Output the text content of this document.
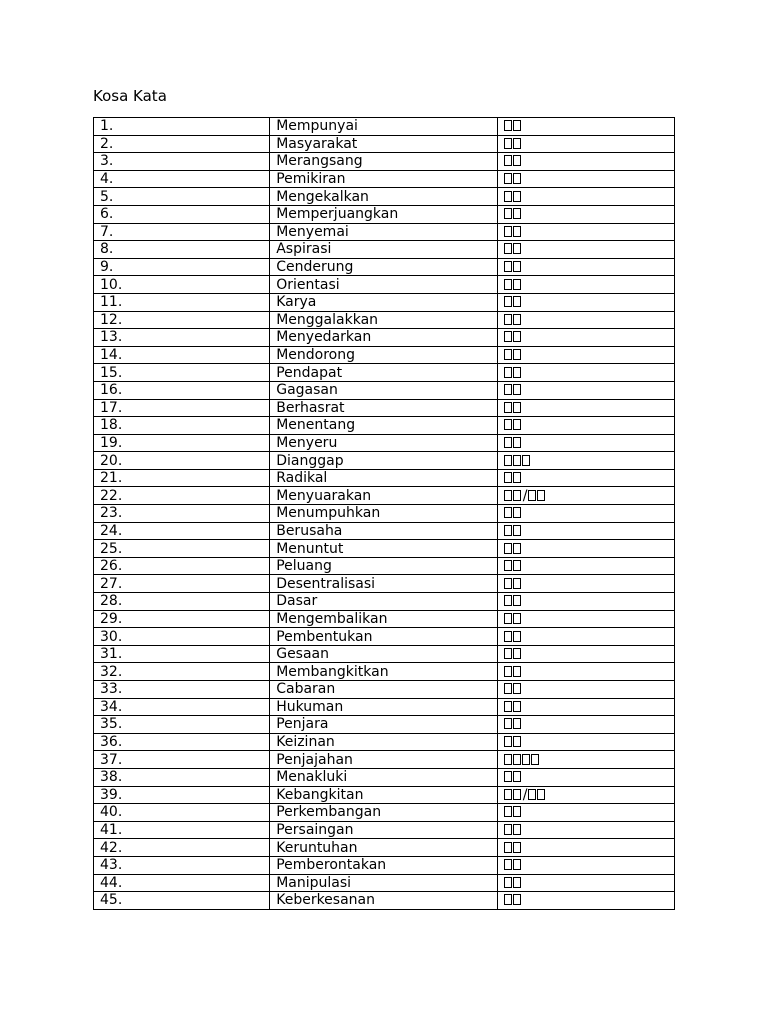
Kosa Kata
1.	Mempunyai	
2.	Masyarakat	
3.	Merangsang	
4.	Pemikiran	
5.	Mengekalkan	
6.	Memperjuangkan	
7.	Menyemai	
8.	Aspirasi	
9.	Cenderung	
10.	Orientasi	
11.	Karya	
12.	Menggalakkan	
13.	Menyedarkan	
14.	Mendorong	
15.	Pendapat	
16.	Gagasan	
17.	Berhasrat	
18.	Menentang	
19.	Menyeru	
20.	Dianggap	
21.	Radikal	
22.	Menyuarakan	/
23.	Menumpuhkan	
24.	Berusaha	
25.	Menuntut	
26.	Peluang	
27.	Desentralisasi	
28.	Dasar	
29.	Mengembalikan	
30.	Pembentukan	
31.	Gesaan	
32.	Membangkitkan	
33.	Cabaran	
34.	Hukuman	
35.	Penjara	
36.	Keizinan	
37.	Penjajahan	
38.	Menakluki	
39.	Kebangkitan	/
40.	Perkembangan	
41.	Persaingan	
42.	Keruntuhan	
43.	Pemberontakan	
44.	Manipulasi	
45.	Keberkesanan	
